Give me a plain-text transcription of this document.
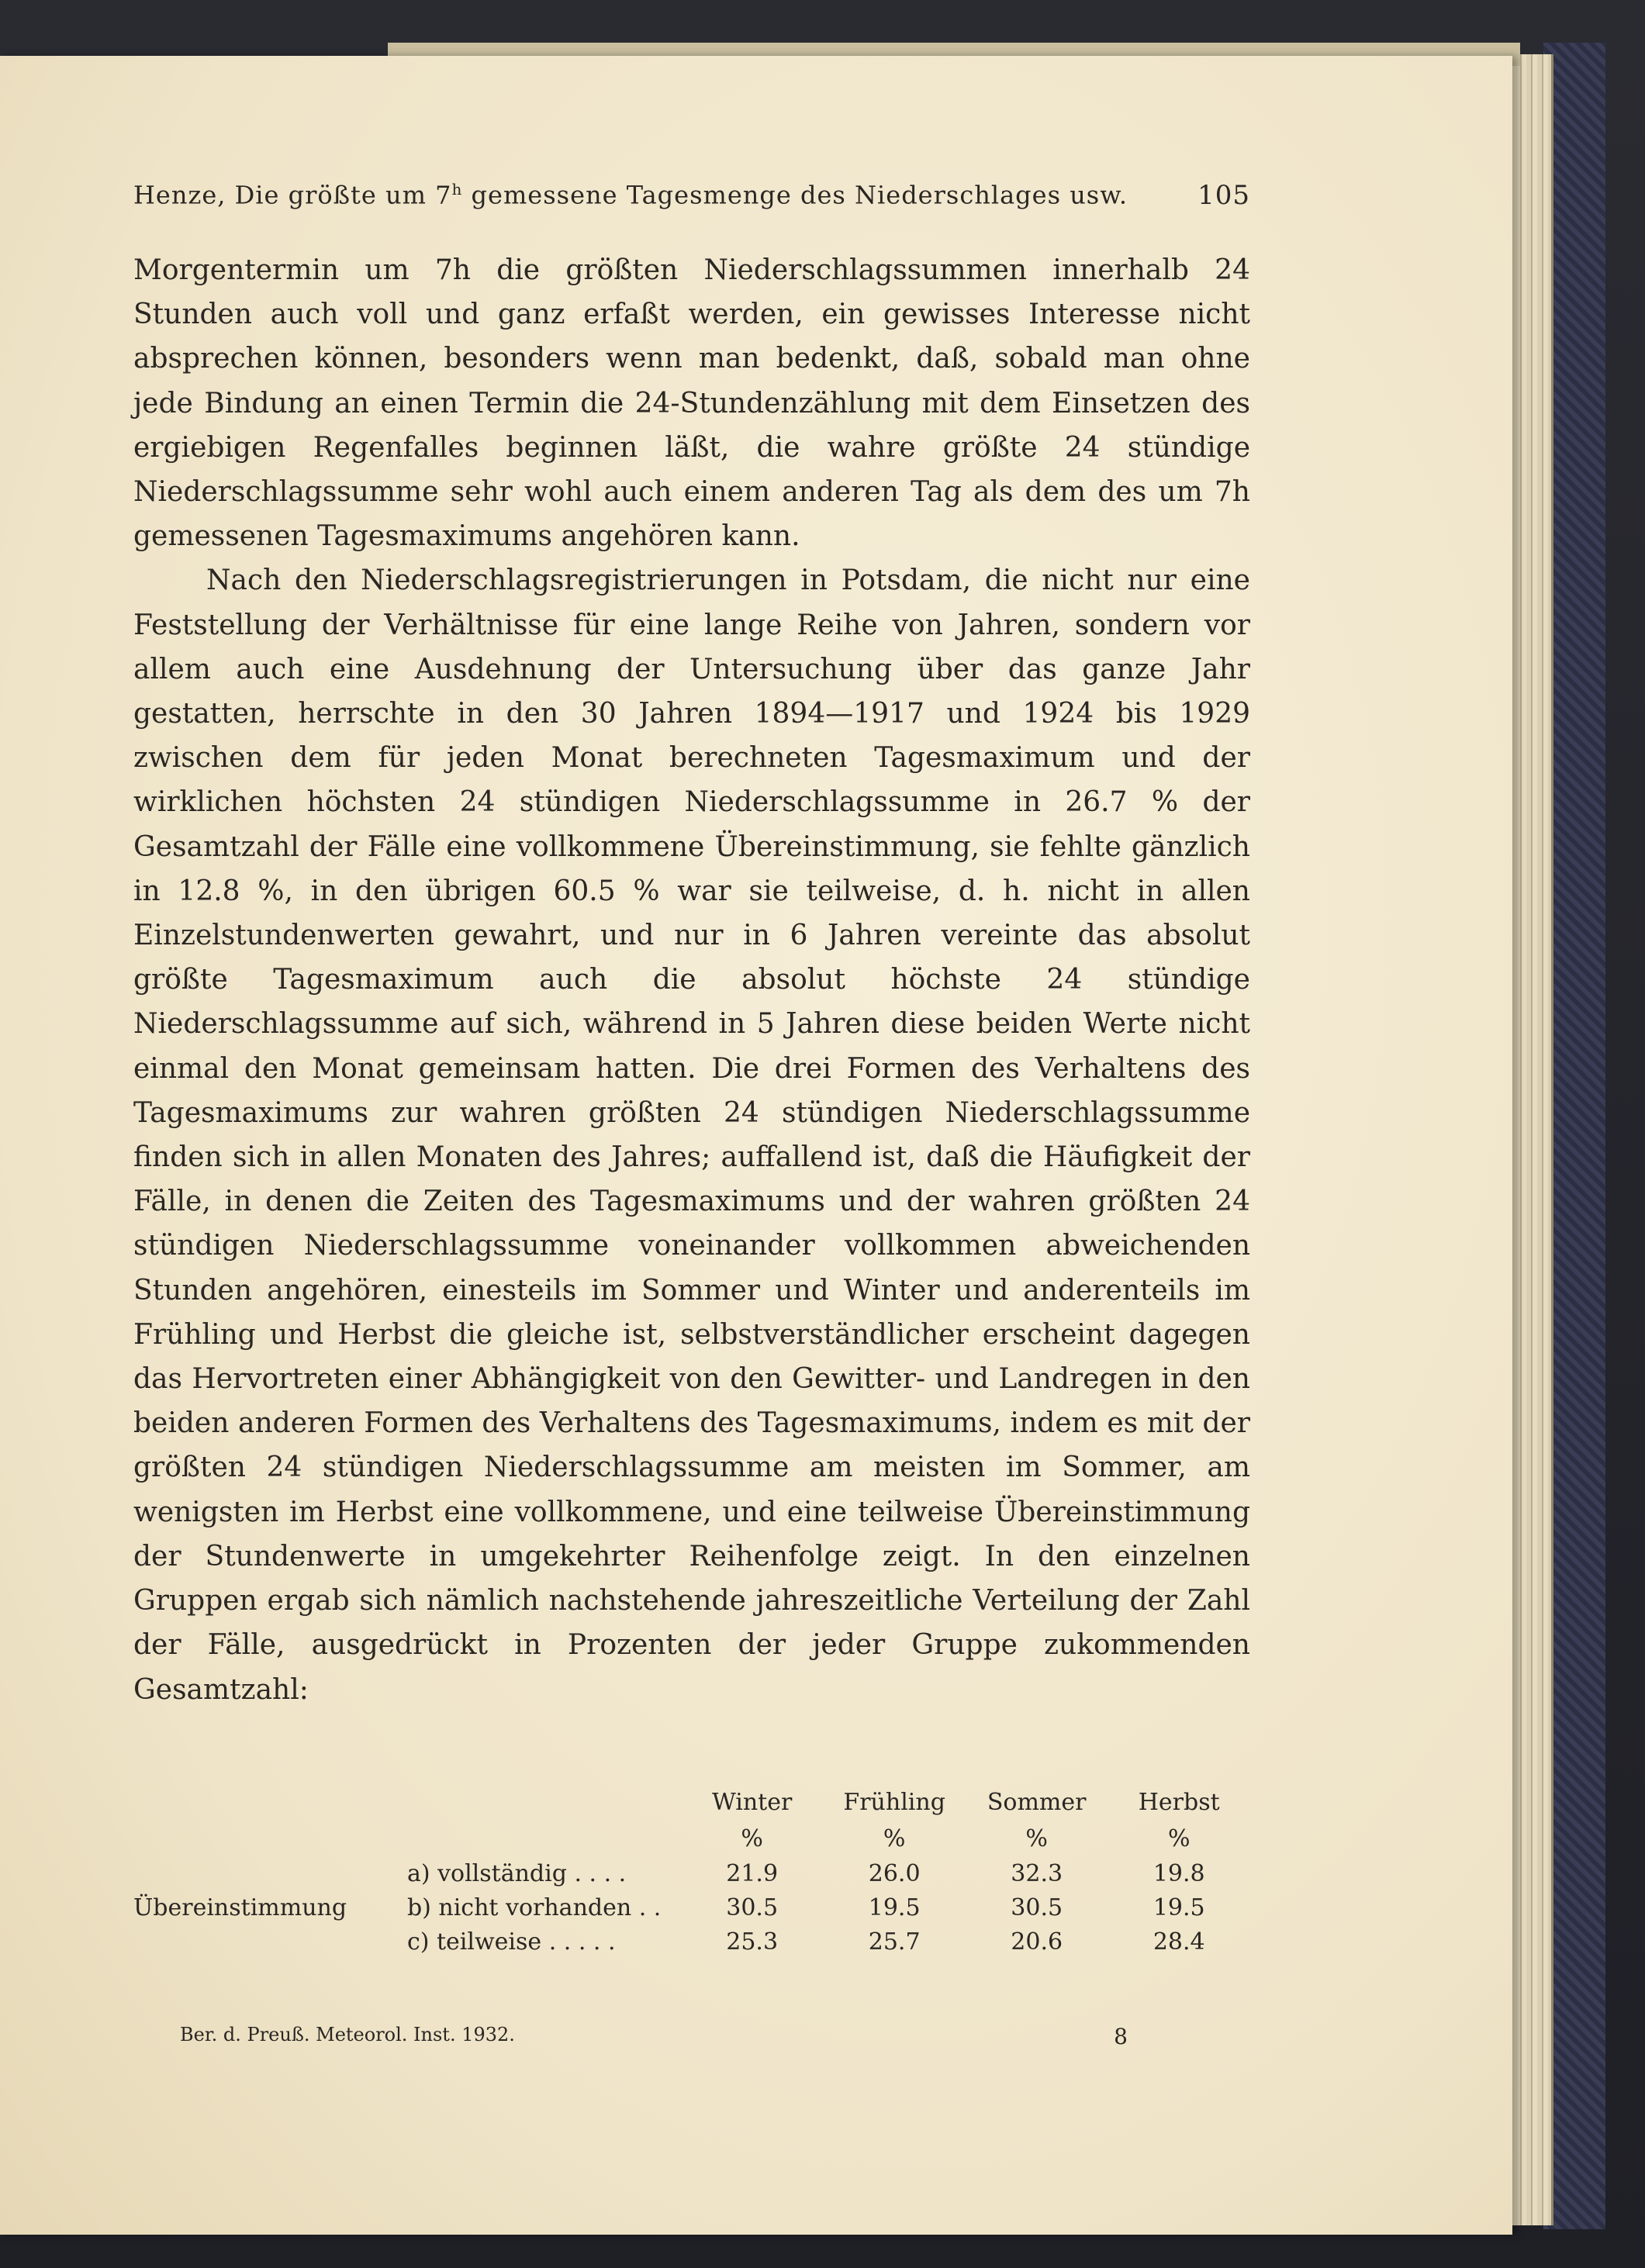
Henze, Die größte um 7$^h$ gemessene Tagesmenge des Niederschlages usw.	105

Morgentermin um 7h die größten Niederschlagssummen innerhalb 24 Stunden auch voll und ganz erfaßt werden, ein gewisses Interesse nicht absprechen können, besonders wenn man bedenkt, daß, sobald man ohne jede Bindung an einen Termin die 24-Stundenzählung mit dem Einsetzen des ergiebigen Regenfalles beginnen läßt, die wahre größte 24 stündige Niederschlagssumme sehr wohl auch einem anderen Tag als dem des um 7h gemessenen Tagesmaximums angehören kann.

Nach den Niederschlagsregistrierungen in Potsdam, die nicht nur eine Feststellung der Verhältnisse für eine lange Reihe von Jahren, sondern vor allem auch eine Ausdehnung der Untersuchung über das ganze Jahr gestatten, herrschte in den 30 Jahren 1894—1917 und 1924 bis 1929 zwischen dem für jeden Monat berechneten Tagesmaximum und der wirklichen höchsten 24 stündigen Niederschlagssumme in 26.7 % der Gesamtzahl der Fälle eine vollkommene Übereinstimmung, sie fehlte gänzlich in 12.8 %, in den übrigen 60.5 % war sie teilweise, d. h. nicht in allen Einzelstundenwerten gewahrt, und nur in 6 Jahren vereinte das absolut größte Tagesmaximum auch die absolut höchste 24 stündige Niederschlagssumme auf sich, während in 5 Jahren diese beiden Werte nicht einmal den Monat gemeinsam hatten. Die drei Formen des Verhaltens des Tagesmaximums zur wahren größten 24 stündigen Niederschlagssumme finden sich in allen Monaten des Jahres; auffallend ist, daß die Häufigkeit der Fälle, in denen die Zeiten des Tagesmaximums und der wahren größten 24 stündigen Niederschlagssumme voneinander vollkommen abweichenden Stunden angehören, einesteils im Sommer und Winter und anderenteils im Frühling und Herbst die gleiche ist, selbstverständlicher erscheint dagegen das Hervortreten einer Abhängigkeit von den Gewitter- und Landregen in den beiden anderen Formen des Verhaltens des Tagesmaximums, indem es mit der größten 24 stündigen Niederschlagssumme am meisten im Sommer, am wenigsten im Herbst eine vollkommene, und eine teilweise Übereinstimmung der Stundenwerte in umgekehrter Reihenfolge zeigt. In den einzelnen Gruppen ergab sich nämlich nachstehende jahreszeitliche Verteilung der Zahl der Fälle, ausgedrückt in Prozenten der jeder Gruppe zukommenden Gesamtzahl:

		Winter	Frühling	Sommer	Herbst
		%	%	%	%
	a) vollständig . . . .	21.9	26.0	32.3	19.8
Übereinstimmung	b) nicht vorhanden . .	30.5	19.5	30.5	19.5
	c) teilweise . . . . .	25.3	25.7	20.6	28.4
Ber. d. Preuß. Meteorol. Inst. 1932.	8
